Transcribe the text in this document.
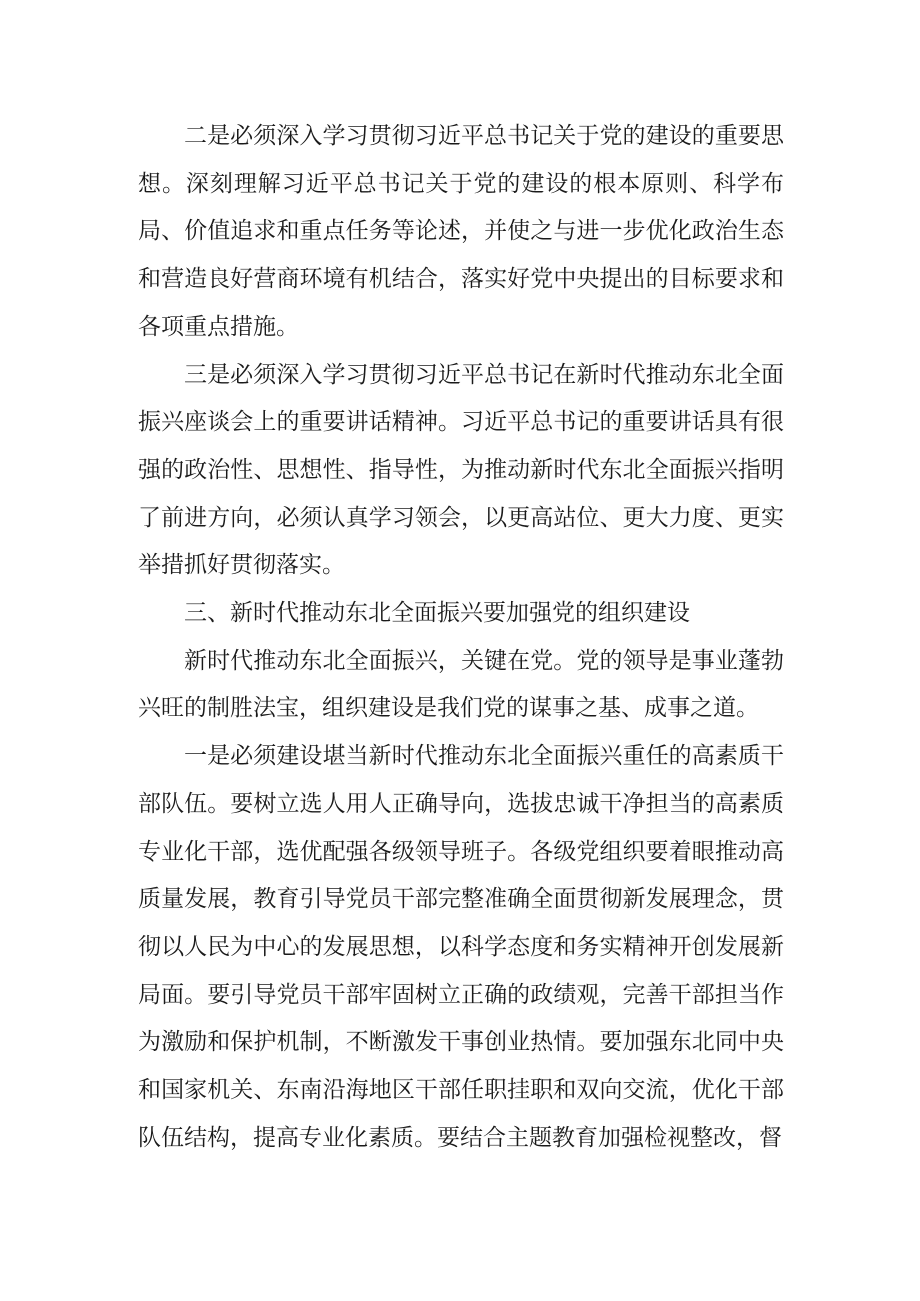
二是必须深入学习贯彻习近平总书记关于党的建设的重要思想。深刻理解习近平总书记关于党的建设的根本原则、科学布局、价值追求和重点任务等论述，并使之与进一步优化政治生态和营造良好营商环境有机结合，落实好党中央提出的目标要求和各项重点措施。

三是必须深入学习贯彻习近平总书记在新时代推动东北全面振兴座谈会上的重要讲话精神。习近平总书记的重要讲话具有很强的政治性、思想性、指导性，为推动新时代东北全面振兴指明了前进方向，必须认真学习领会，以更高站位、更大力度、更实举措抓好贯彻落实。

三、新时代推动东北全面振兴要加强党的组织建设

新时代推动东北全面振兴，关键在党。党的领导是事业蓬勃兴旺的制胜法宝，组织建设是我们党的谋事之基、成事之道。

一是必须建设堪当新时代推动东北全面振兴重任的高素质干部队伍。要树立选人用人正确导向，选拔忠诚干净担当的高素质专业化干部，选优配强各级领导班子。各级党组织要着眼推动高质量发展，教育引导党员干部完整准确全面贯彻新发展理念，贯彻以人民为中心的发展思想，以科学态度和务实精神开创发展新局面。要引导党员干部牢固树立正确的政绩观，完善干部担当作为激励和保护机制，不断激发干事创业热情。要加强东北同中央和国家机关、东南沿海地区干部任职挂职和双向交流，优化干部队伍结构，提高专业化素质。要结合主题教育加强检视整改，督
